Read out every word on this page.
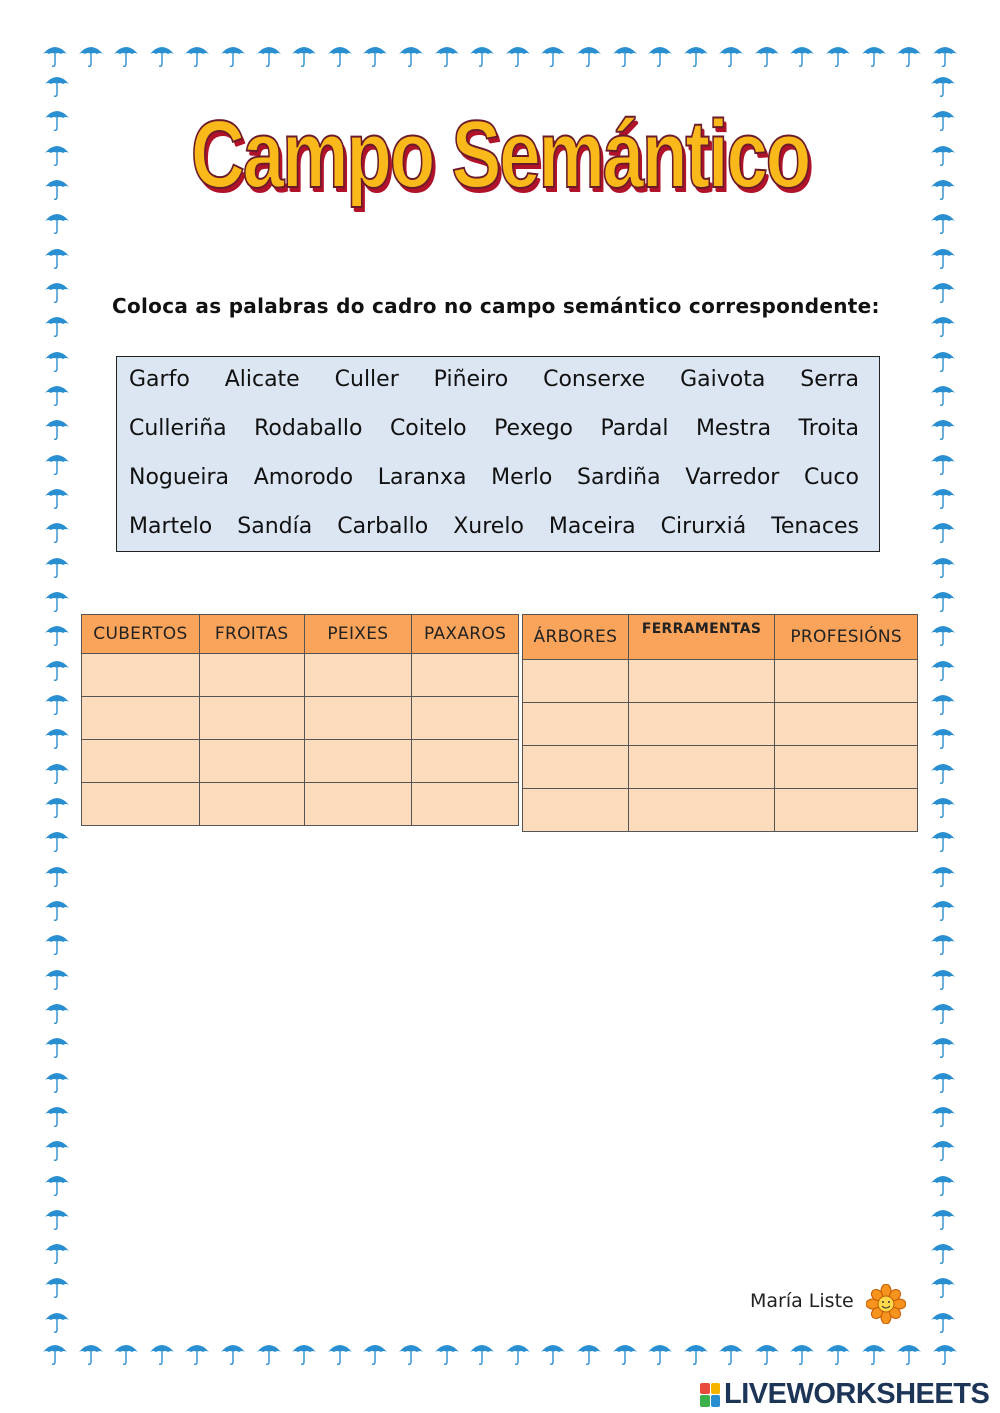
Campo Semántico
Coloca as palabras do cadro no campo semántico correspondente:
Garfo Alicate Culler Piñeiro Conserxe Gaivota Serra
Culleriña Rodaballo Coitelo Pexego Pardal Mestra Troita
Nogueira Amorodo Laranxa Merlo Sardiña Varredor Cuco
Martelo Sandía Carballo Xurelo Maceira Cirurxiá Tenaces
CUBERTOS	FROITAS	PEIXES	PAXAROS

			ÁRBORES	FERRAMENTAS	PROFESIÓNS

María Liste
LIVEWORKSHEETS
